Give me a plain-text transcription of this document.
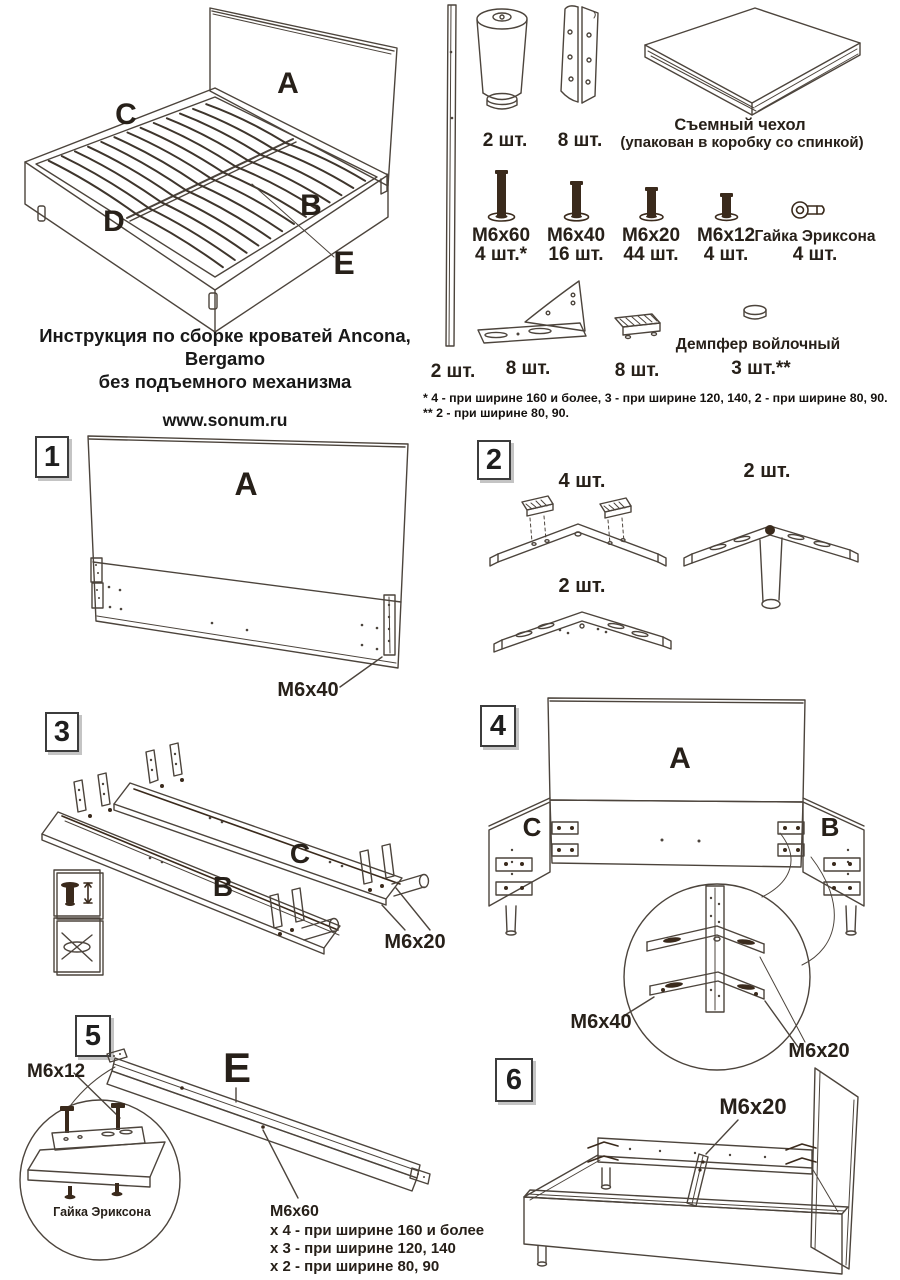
A
C
D	B
E
Инструкция по сборке кроватей Ancona, Bergamo
без подъемного механизма
www.sonum.ru
2 шт.
2 шт. 8 шт.
Съемный чехол
(упакован в коробку со спинкой)
M6x60
4 шт.*
M6x40
16 шт.
M6x20
44 шт.
M6x12
4 шт.
Гайка Эриксона
4 шт.
8 шт.	8 шт.
Демпфер войлочный
3 шт.**
* 4 - при ширине 160 и более, 3 - при ширине 120, 140, 2 - при ширине 80, 90.
** 2 - при ширине 80, 90.
1	2
3	4
5
6
A
M6x40
4 шт.	2 шт.
2 шт.
C
B
M6x20
A
C	B
M6x40
M6x20
M6x12
Гайка Эриксона
E
M6x60
х 4 - при ширине 160 и более
х 3 - при ширине 120, 140
х 2 - при ширине 80, 90
M6x20
